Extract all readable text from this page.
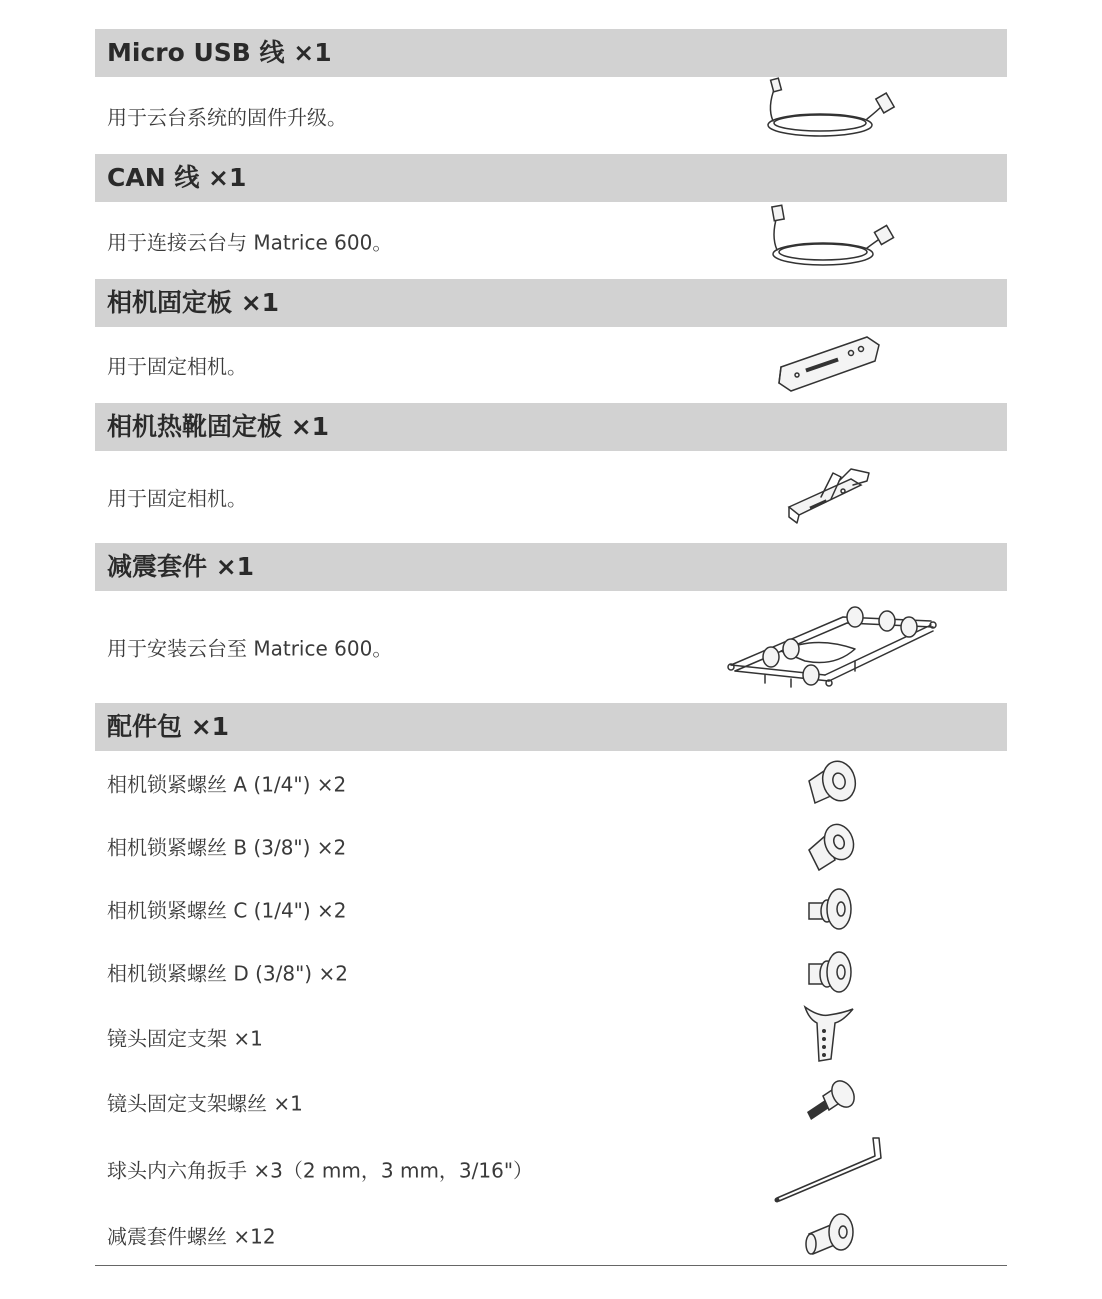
Micro USB 线 ×1
用于云台系统的固件升级。
CAN 线 ×1
用于连接云台与 Matrice 600。
相机固定板 ×1
用于固定相机。
相机热靴固定板 ×1
用于固定相机。
减震套件 ×1
用于安装云台至 Matrice 600。
配件包 ×1
相机锁紧螺丝 A (1/4") ×2
相机锁紧螺丝 B (3/8") ×2
相机锁紧螺丝 C (1/4") ×2
相机锁紧螺丝 D (3/8") ×2
镜头固定支架 ×1
镜头固定支架螺丝 ×1
球头内六角扳手 ×3（2 mm，3 mm，3/16"）
减震套件螺丝 ×12
